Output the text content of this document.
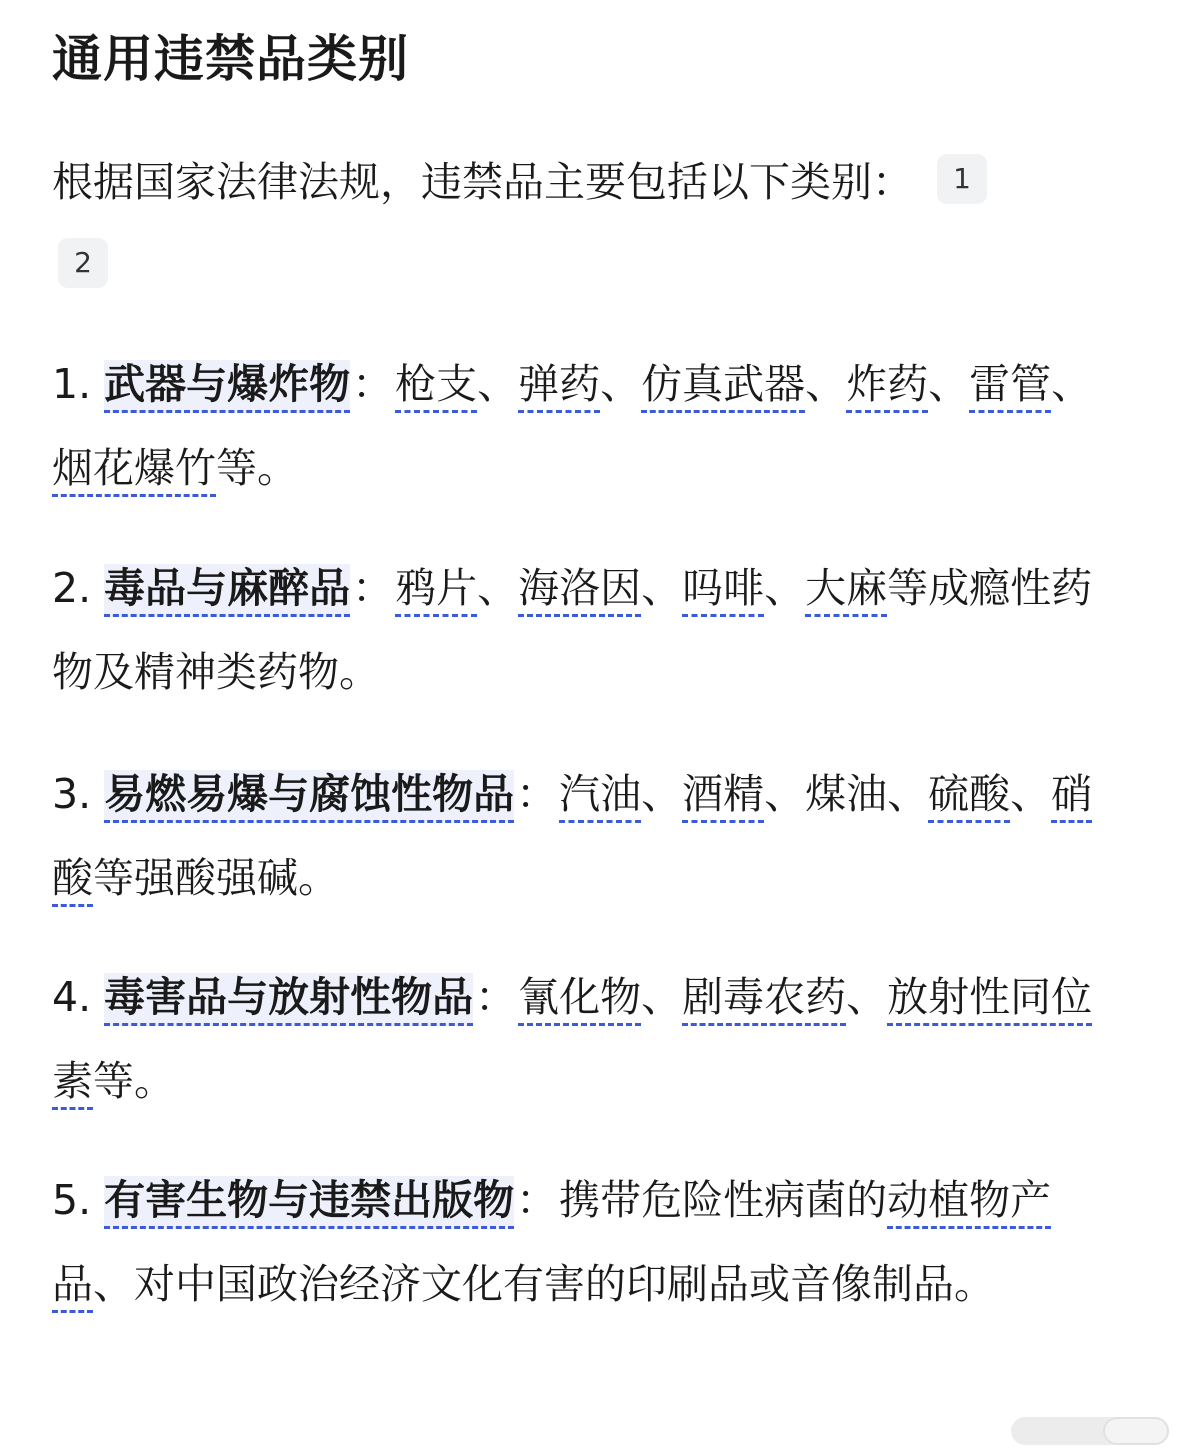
通用违禁品类别
根据国家法律法规，违禁品主要包括以下类别： 1
2
1. 武器与爆炸物：枪支、弹药、仿真武器、炸药、雷管、烟花爆竹等。
2. 毒品与麻醉品：鸦片、海洛因、吗啡、大麻等成瘾性药物及精神类药物。
3. 易燃易爆与腐蚀性物品：汽油、酒精、煤油、硫酸、硝酸等强酸强碱。
4. 毒害品与放射性物品：氰化物、剧毒农药、放射性同位素等。
5. 有害生物与违禁出版物：携带危险性病菌的动植物产品、对中国政治经济文化有害的印刷品或音像制品。
